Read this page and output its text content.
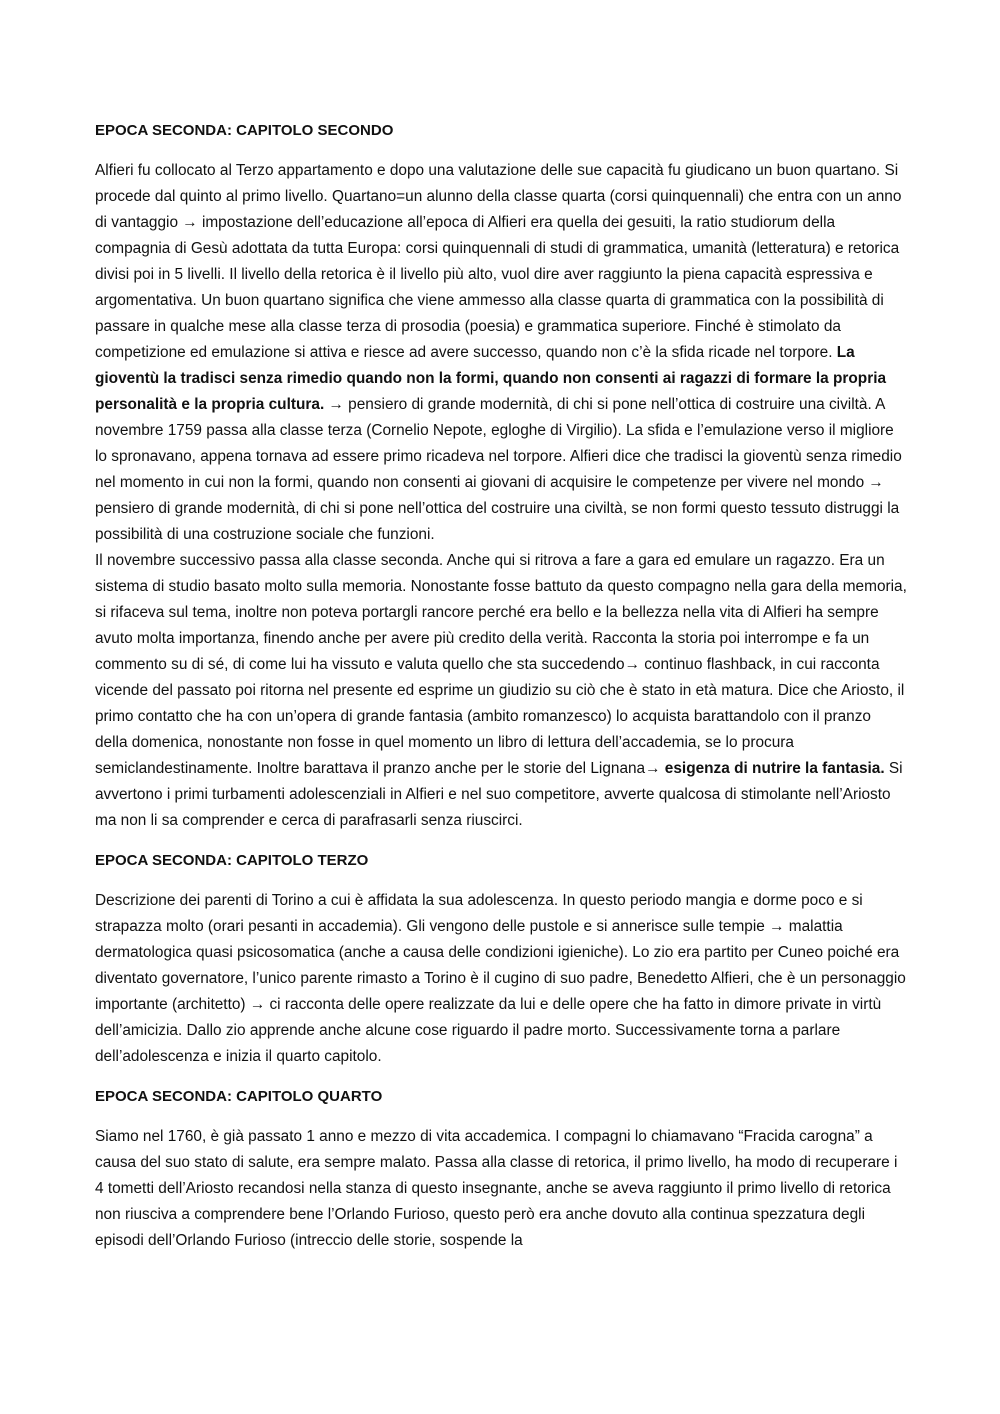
EPOCA SECONDA: CAPITOLO SECONDO

Alfieri fu collocato al Terzo appartamento e dopo una valutazione delle sue capacità fu giudicano un buon quartano. Si procede dal quinto al primo livello. Quartano=un alunno della classe quarta (corsi quinquennali) che entra con un anno di vantaggio → impostazione dell’educazione all’epoca di Alfieri era quella dei gesuiti, la ratio studiorum della compagnia di Gesù adottata da tutta Europa: corsi quinquennali di studi di grammatica, umanità (letteratura) e retorica divisi poi in 5 livelli. Il livello della retorica è il livello più alto, vuol dire aver raggiunto la piena capacità espressiva e argomentativa. Un buon quartano significa che viene ammesso alla classe quarta di grammatica con la possibilità di passare in qualche mese alla classe terza di prosodia (poesia) e grammatica superiore. Finché è stimolato da competizione ed emulazione si attiva e riesce ad avere successo, quando non c’è la sfida ricade nel torpore. La gioventù la tradisci senza rimedio quando non la formi, quando non consenti ai ragazzi di formare la propria personalità e la propria cultura. → pensiero di grande modernità, di chi si pone nell’ottica di costruire una civiltà. A novembre 1759 passa alla classe terza (Cornelio Nepote, egloghe di Virgilio). La sfida e l’emulazione verso il migliore lo spronavano, appena tornava ad essere primo ricadeva nel torpore. Alfieri dice che tradisci la gioventù senza rimedio nel momento in cui non la formi, quando non consenti ai giovani di acquisire le competenze per vivere nel mondo → pensiero di grande modernità, di chi si pone nell’ottica del costruire una civiltà, se non formi questo tessuto distruggi la possibilità di una costruzione sociale che funzioni.

Il novembre successivo passa alla classe seconda. Anche qui si ritrova a fare a gara ed emulare un ragazzo. Era un sistema di studio basato molto sulla memoria. Nonostante fosse battuto da questo compagno nella gara della memoria, si rifaceva sul tema, inoltre non poteva portargli rancore perché era bello e la bellezza nella vita di Alfieri ha sempre avuto molta importanza, finendo anche per avere più credito della verità. Racconta la storia poi interrompe e fa un commento su di sé, di come lui ha vissuto e valuta quello che sta succedendo→ continuo flashback, in cui racconta vicende del passato poi ritorna nel presente ed esprime un giudizio su ciò che è stato in età matura. Dice che Ariosto, il primo contatto che ha con un’opera di grande fantasia (ambito romanzesco) lo acquista barattandolo con il pranzo della domenica, nonostante non fosse in quel momento un libro di lettura dell’accademia, se lo procura semiclandestinamente. Inoltre barattava il pranzo anche per le storie del Lignana→ esigenza di nutrire la fantasia. Si avvertono i primi turbamenti adolescenziali in Alfieri e nel suo competitore, avverte qualcosa di stimolante nell’Ariosto ma non li sa comprender e cerca di parafrasarli senza riuscirci.

EPOCA SECONDA: CAPITOLO TERZO

Descrizione dei parenti di Torino a cui è affidata la sua adolescenza. In questo periodo mangia e dorme poco e si strapazza molto (orari pesanti in accademia). Gli vengono delle pustole e si annerisce sulle tempie → malattia dermatologica quasi psicosomatica (anche a causa delle condizioni igieniche). Lo zio era partito per Cuneo poiché era diventato governatore, l’unico parente rimasto a Torino è il cugino di suo padre, Benedetto Alfieri, che è un personaggio importante (architetto) → ci racconta delle opere realizzate da lui e delle opere che ha fatto in dimore private in virtù dell’amicizia. Dallo zio apprende anche alcune cose riguardo il padre morto. Successivamente torna a parlare dell’adolescenza e inizia il quarto capitolo.

EPOCA SECONDA: CAPITOLO QUARTO

Siamo nel 1760, è già passato 1 anno e mezzo di vita accademica. I compagni lo chiamavano “Fracida carogna” a causa del suo stato di salute, era sempre malato. Passa alla classe di retorica, il primo livello, ha modo di recuperare i 4 tometti dell’Ariosto recandosi nella stanza di questo insegnante, anche se aveva raggiunto il primo livello di retorica non riusciva a comprendere bene l’Orlando Furioso, questo però era anche dovuto alla continua spezzatura degli episodi dell’Orlando Furioso (intreccio delle storie, sospende la
